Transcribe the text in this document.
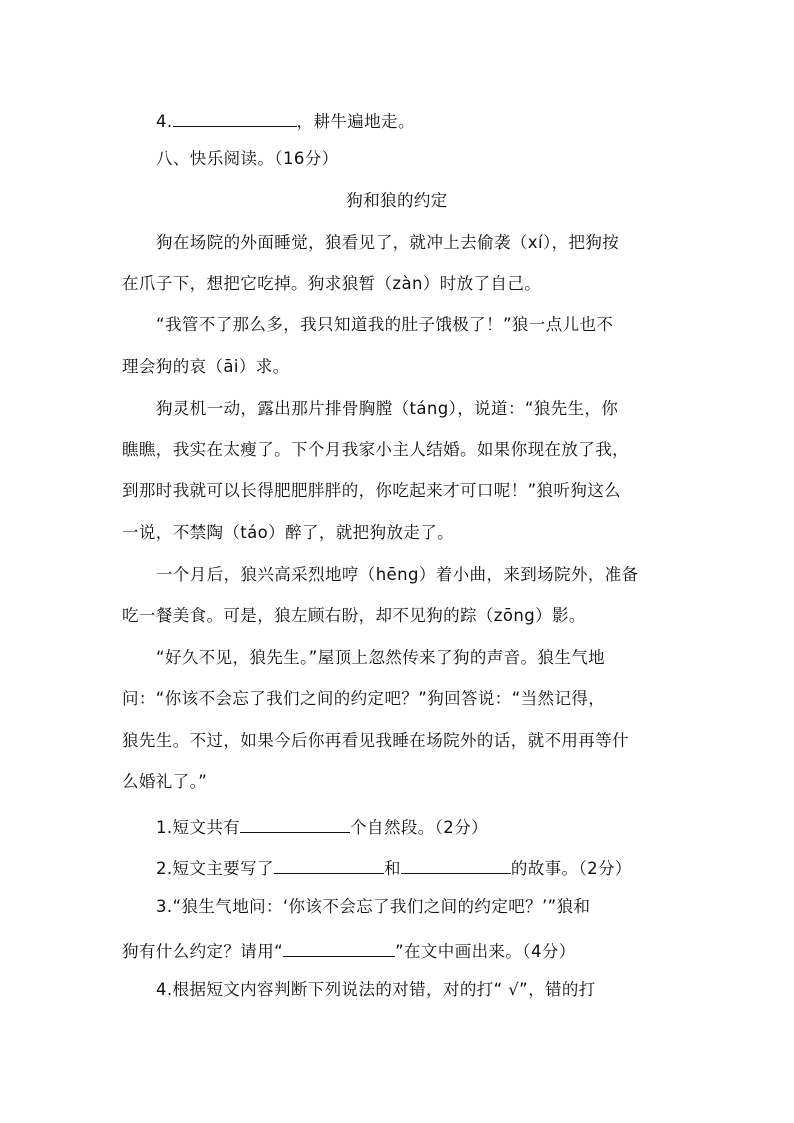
4.	，耕牛遍地走。
八、快乐阅读。（16分）
狗和狼的约定
狗在场院的外面睡觉，狼看见了，就冲上去偷袭（xí），把狗按
在爪子下，想把它吃掉。狗求狼暂（zàn）时放了自己。
“我管不了那么多，我只知道我的肚子饿极了！”狼一点儿也不
理会狗的哀（āi）求。
狗灵机一动，露出那片排骨胸膛（táng），说道：“狼先生，你
瞧瞧，我实在太瘦了。下个月我家小主人结婚。如果你现在放了我，
到那时我就可以长得肥肥胖胖的，你吃起来才可口呢！”狼听狗这么
一说，不禁陶（táo）醉了，就把狗放走了。
一个月后，狼兴高采烈地哼（hēng）着小曲，来到场院外，准备
吃一餐美食。可是，狼左顾右盼，却不见狗的踪（zōng）影。
“好久不见，狼先生。”屋顶上忽然传来了狗的声音。狼生气地
问：“你该不会忘了我们之间的约定吧？”狗回答说：“当然记得，
狼先生。不过，如果今后你再看见我睡在场院外的话，就不用再等什
么婚礼了。”
1.短文共有	个自然段。（2分）
2.短文主要写了	和	的故事。（2分）
3.“狼生气地问：‘你该不会忘了我们之间的约定吧？’”狼和
狗有什么约定？请用“	”在文中画出来。（4分）
4.根据短文内容判断下列说法的对错，对的打“ √”，错的打
